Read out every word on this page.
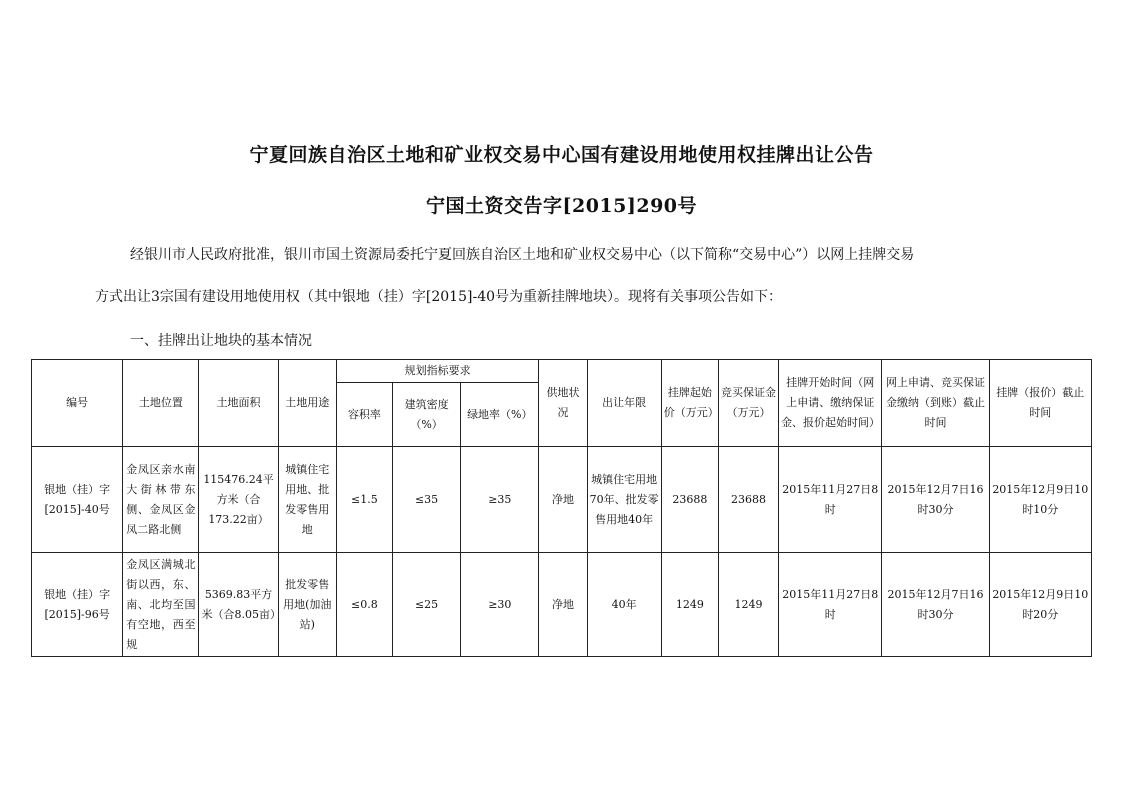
宁夏回族自治区土地和矿业权交易中心国有建设用地使用权挂牌出让公告
宁国土资交告字[2015]290号
经银川市人民政府批准，银川市国土资源局委托宁夏回族自治区土地和矿业权交易中心（以下简称“交易中心”）以网上挂牌交易
方式出让3宗国有建设用地使用权（其中银地（挂）字[2015]-40号为重新挂牌地块）。现将有关事项公告如下：
一、挂牌出让地块的基本情况
编号	土地位置	土地面积	土地用途	规划指标要求			供地状况	出让年限	挂牌起始价（万元）	竞买保证金（万元）	挂牌开始时间（网上申请、缴纳保证金、报价起始时间）	网上申请、竞买保证金缴纳（到账）截止时间	挂牌（报价）截止时间
				容积率	建筑密度（%）	绿地率（%）							
银地（挂）字[2015]-40号	金凤区亲水南大街林带东侧、金凤区金凤二路北侧	115476.24平方米（合173.22亩）	城镇住宅用地、批发零售用地	≤1.5	≤35	≥35	净地	城镇住宅用地70年、批发零售用地40年	23688	23688	2015年11月27日8时	2015年12月7日16时30分	2015年12月9日10时10分
银地（挂）字[2015]-96号	金凤区满城北街以西，东、南、北均至国有空地，西至规	5369.83平方米（合8.05亩）	批发零售用地(加油站)	≤0.8	≤25	≥30	净地	40年	1249	1249	2015年11月27日8时	2015年12月7日16时30分	2015年12月9日10时20分
